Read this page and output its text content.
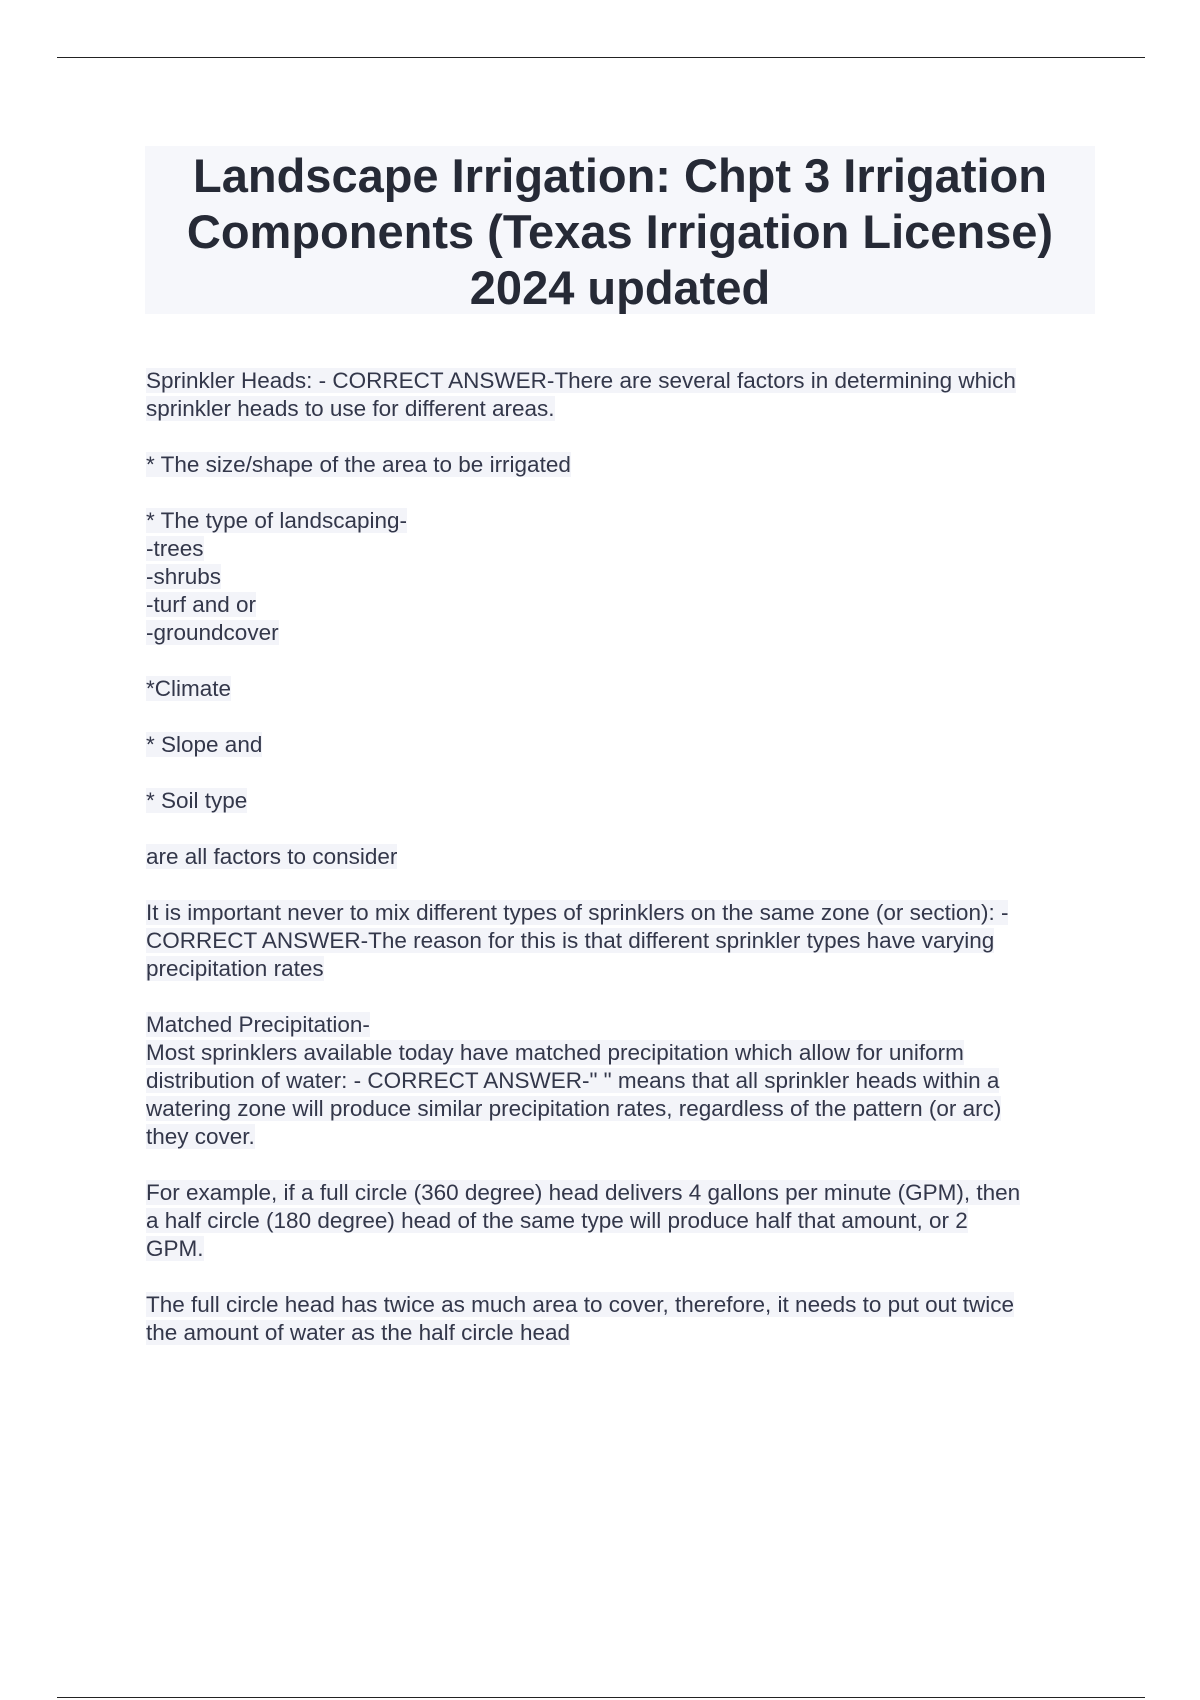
Landscape Irrigation: Chpt 3 Irrigation
Components (Texas Irrigation License)
2024 updated
Sprinkler Heads: - CORRECT ANSWER-There are several factors in determining which
sprinkler heads to use for different areas.
* The size/shape of the area to be irrigated
* The type of landscaping-
-trees
-shrubs
-turf and or
-groundcover
*Climate
* Slope and
* Soil type
are all factors to consider
It is important never to mix different types of sprinklers on the same zone (or section): -
CORRECT ANSWER-The reason for this is that different sprinkler types have varying
precipitation rates
Matched Precipitation-
Most sprinklers available today have matched precipitation which allow for uniform
distribution of water: - CORRECT ANSWER-" " means that all sprinkler heads within a
watering zone will produce similar precipitation rates, regardless of the pattern (or arc)
they cover.
For example, if a full circle (360 degree) head delivers 4 gallons per minute (GPM), then
a half circle (180 degree) head of the same type will produce half that amount, or 2
GPM.
The full circle head has twice as much area to cover, therefore, it needs to put out twice
the amount of water as the half circle head
